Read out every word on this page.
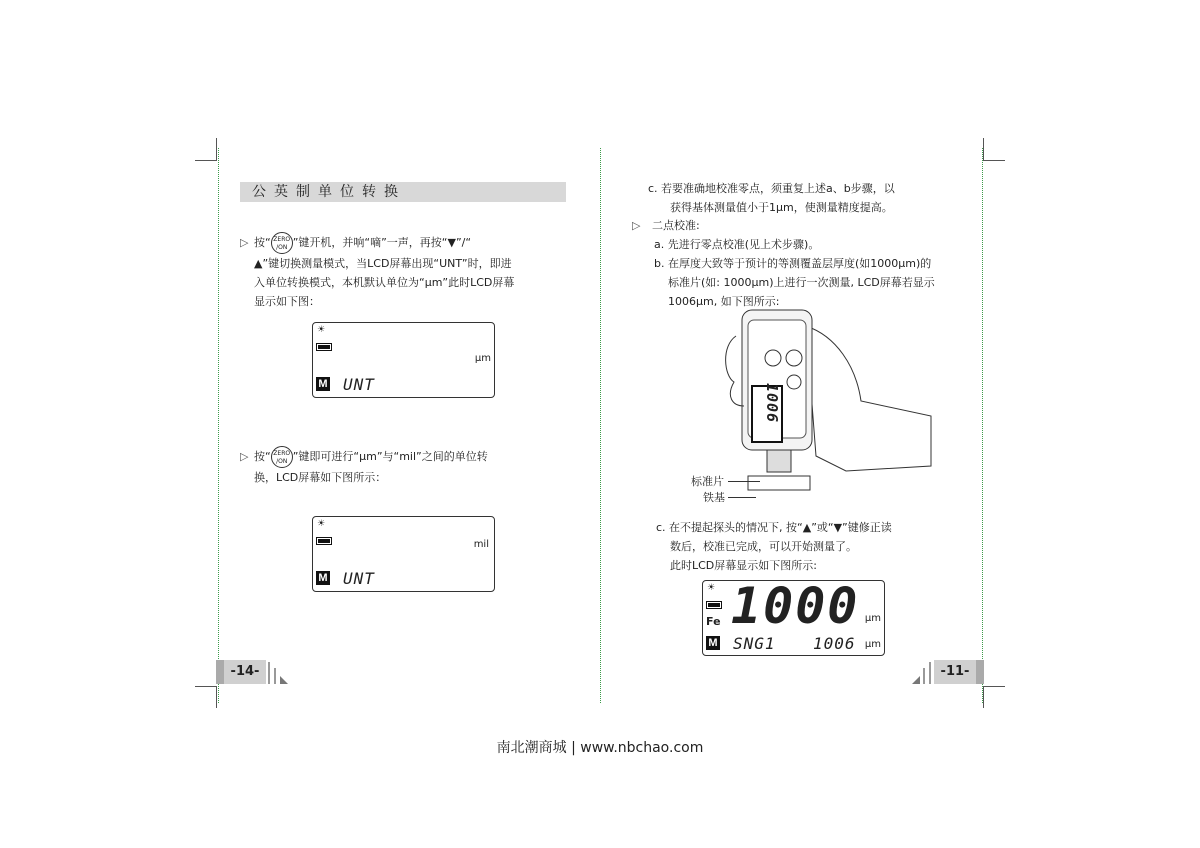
公英制单位转换
▷ 按“ ZERO /ON ”键开机，并响“嘀”一声，再按“▼”/“
▲”键切换测量模式，当LCD屏幕出现“UNT”时，即进
入单位转换模式，本机默认单位为“μm”此时LCD屏幕
显示如下图：
☀
μm
M UNT
▷ 按“ ZERO /ON ”键即可进行“μm”与“mil”之间的单位转
换，LCD屏幕如下图所示：
☀
mil
M UNT
-14-
c. 若要准确地校准零点，须重复上述a、b步骤，以
获得基体测量值小于1μm，使测量精度提高。
▷ 二点校准:
a. 先进行零点校准(见上术步骤)。
b. 在厚度大致等于预计的等测覆盖层厚度(如1000μm)的
标准片(如: 1000μm)上进行一次测量, LCD屏幕若显示
1006μm, 如下图所示:
1006
标准片
铁基
c. 在不提起探头的情况下, 按“▲”或“▼”键修正读
数后，校准已完成，可以开始测量了。
此时LCD屏幕显示如下图所示:
☀
Fe 1000 μm
M SNG1 1006 μm
-11-
南北潮商城 | www.nbchao.com
